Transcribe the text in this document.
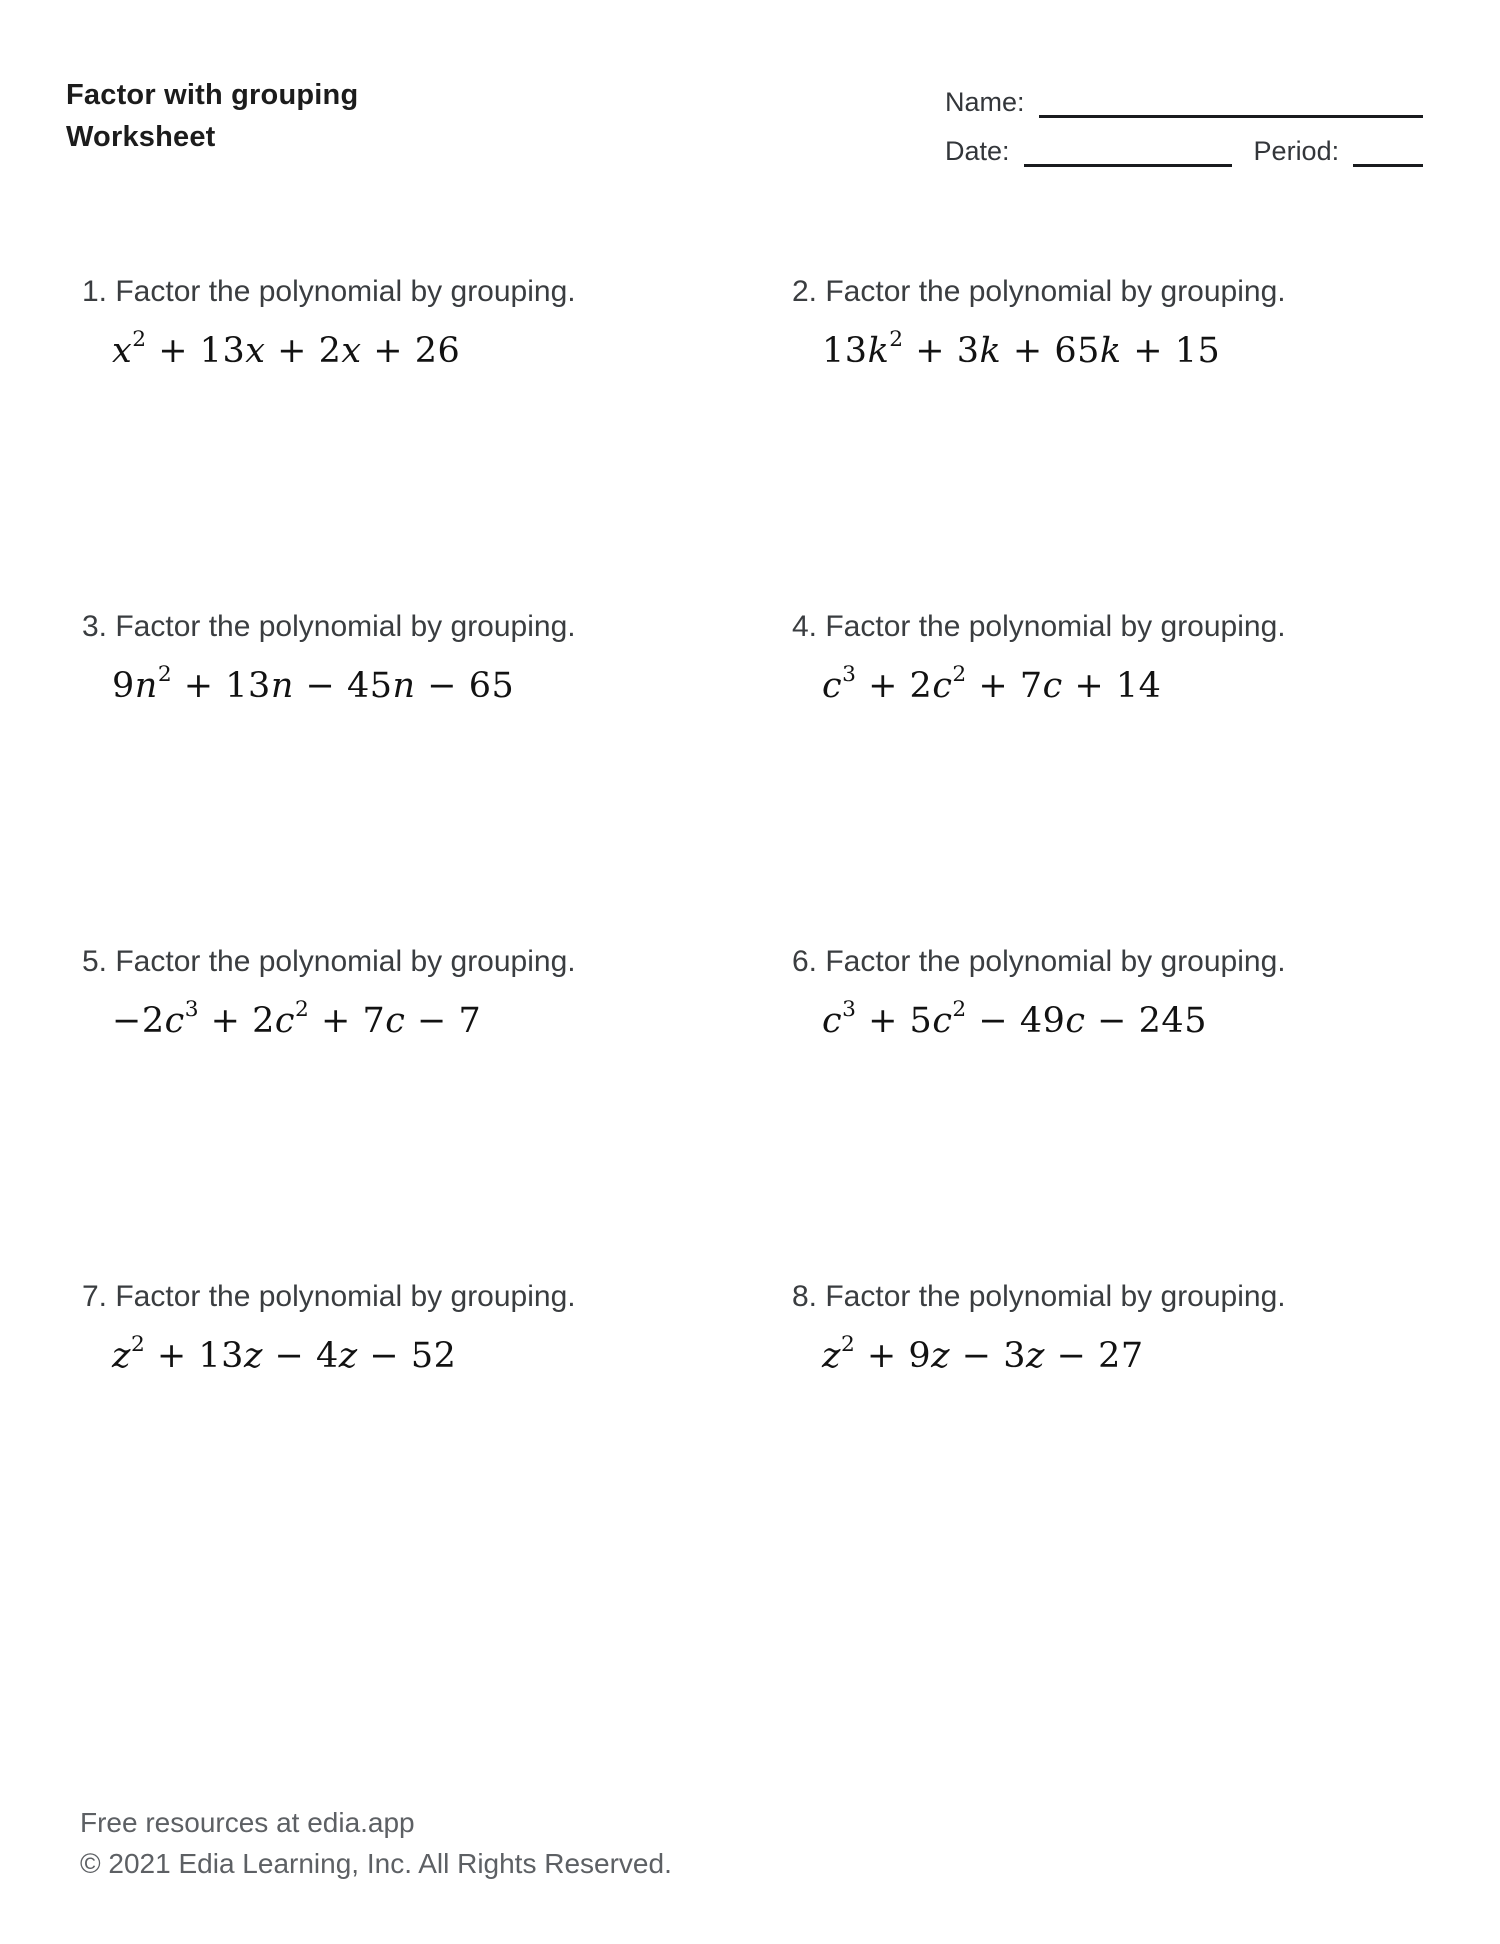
Factor with grouping
Worksheet
Name:
Date:	Period:
1. Factor the polynomial by grouping.
$x^2 + 13x + 2x + 26$
2. Factor the polynomial by grouping.
$13k^2 + 3k + 65k + 15$
3. Factor the polynomial by grouping.
$9n^2 + 13n - 45n - 65$
4. Factor the polynomial by grouping.
$c^3 + 2c^2 + 7c + 14$
5. Factor the polynomial by grouping.
$-2c^3 + 2c^2 + 7c - 7$
6. Factor the polynomial by grouping.
$c^3 + 5c^2 - 49c - 245$
7. Factor the polynomial by grouping.
$z^2 + 13z - 4z - 52$
8. Factor the polynomial by grouping.
$z^2 + 9z - 3z - 27$
Free resources at edia.app
© 2021 Edia Learning, Inc. All Rights Reserved.
